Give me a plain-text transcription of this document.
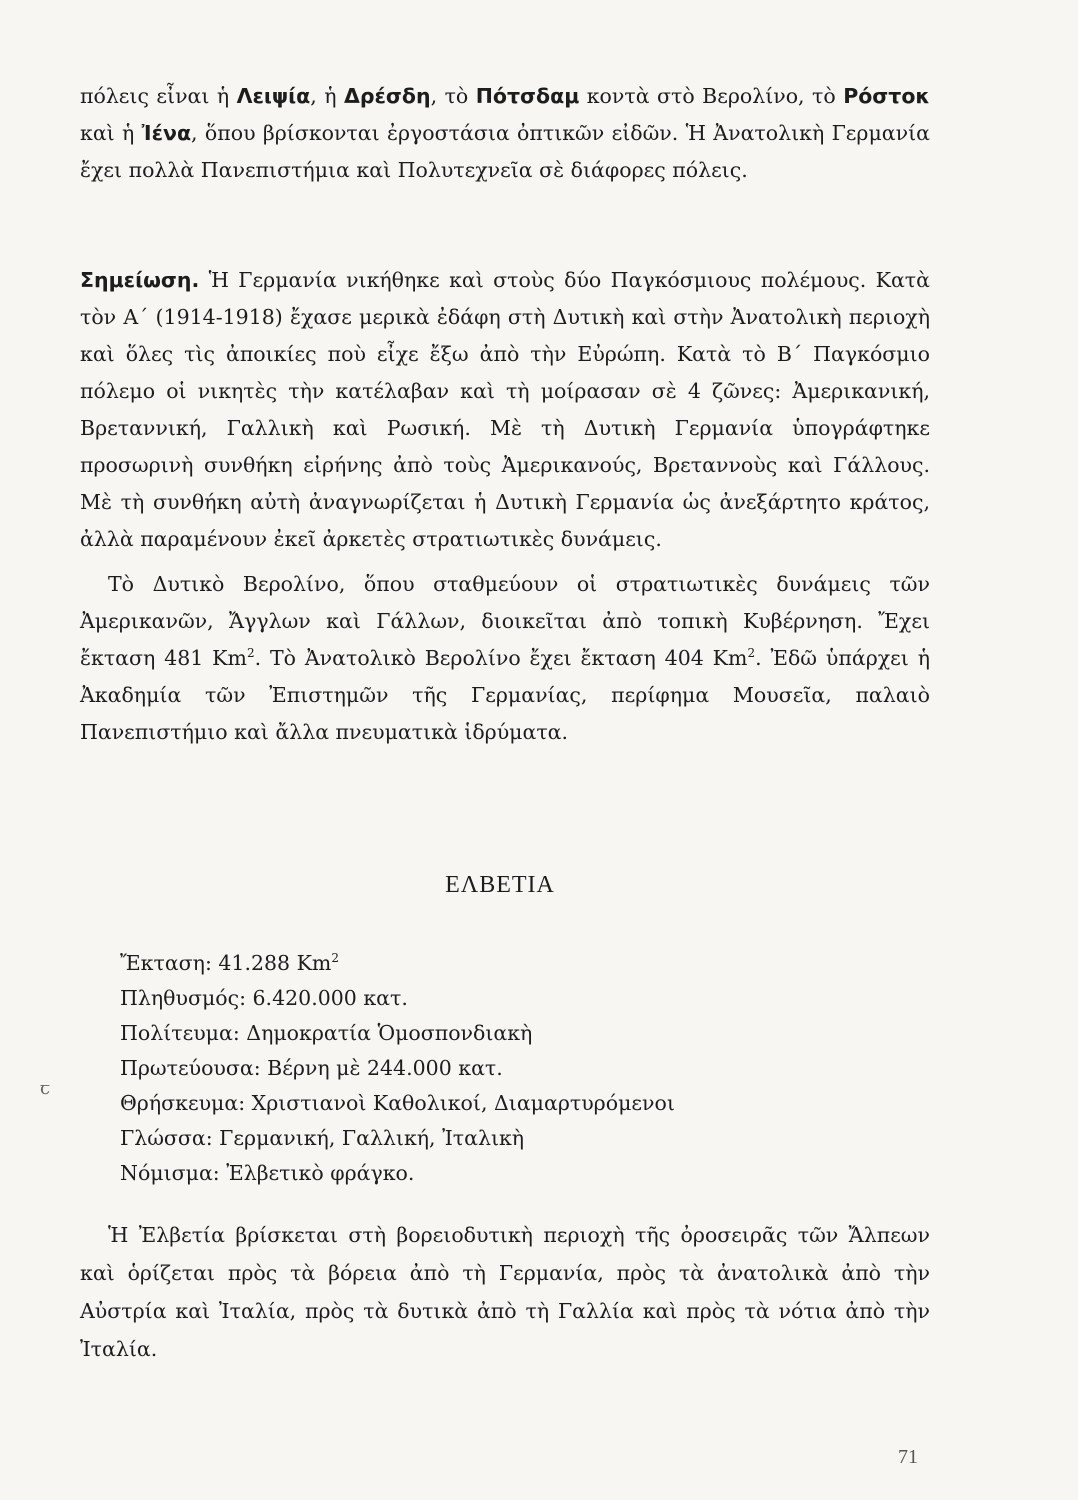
πόλεις εἶναι ἡ Λειψία, ἡ Δρέσδη, τὸ Πότσδαμ κοντὰ στὸ Βερολίνο, τὸ Ρόστοκ καὶ ἡ Ἰένα, ὅπου βρίσκονται ἐργοστάσια ὀπτικῶν εἰδῶν. Ἡ Ἀνατολικὴ Γερμανία ἔχει πολλὰ Πανεπιστήμια καὶ Πολυτεχνεῖα σὲ διάφορες πόλεις.
Σημείωση. Ἡ Γερμανία νικήθηκε καὶ στοὺς δύο Παγκόσμιους πολέμους. Κατὰ τὸν Α΄ (1914-1918) ἔχασε μερικὰ ἐδάφη στὴ Δυτικὴ καὶ στὴν Ἀνατολικὴ περιοχὴ καὶ ὅλες τὶς ἀποικίες ποὺ εἶχε ἔξω ἀπὸ τὴν Εὐρώπη. Κατὰ τὸ Β΄ Παγκόσμιο πόλεμο οἱ νικητὲς τὴν κατέλαβαν καὶ τὴ μοίρασαν σὲ 4 ζῶνες: Ἀμερικανική, Βρεταννική, Γαλλικὴ καὶ Ρωσική. Μὲ τὴ Δυτικὴ Γερμανία ὑπογράφτηκε προσωρινὴ συνθήκη εἰρήνης ἀπὸ τοὺς Ἀμερικανούς, Βρεταννοὺς καὶ Γάλλους. Μὲ τὴ συνθήκη αὐτὴ ἀναγνωρίζεται ἡ Δυτικὴ Γερμανία ὡς ἀνεξάρτητο κράτος, ἀλλὰ παραμένουν ἐκεῖ ἀρκετὲς στρατιωτικὲς δυνάμεις.
Τὸ Δυτικὸ Βερολίνο, ὅπου σταθμεύουν οἱ στρατιωτικὲς δυνάμεις τῶν Ἀμερικανῶν, Ἄγγλων καὶ Γάλλων, διοικεῖται ἀπὸ τοπικὴ Κυβέρνηση. Ἔχει ἔκταση 481 Km$^2$. Τὸ Ἀνατολικὸ Βερολίνο ἔχει ἔκταση 404 Km$^2$. Ἐδῶ ὑπάρχει ἡ Ἀκαδημία τῶν Ἐπιστημῶν τῆς Γερμανίας, περίφημα Μουσεῖα, παλαιὸ Πανεπιστήμιο καὶ ἄλλα πνευματικὰ ἱδρύματα.
ΕΛΒΕΤΙΑ
Ἔκταση: 41.288 Km$^2$
Πληθυσμός: 6.420.000 κατ.
Πολίτευμα: Δημοκρατία Ὁμοσπονδιακὴ
Πρωτεύουσα: Βέρνη μὲ 244.000 κατ.
Θρήσκευμα: Χριστιανοὶ Καθολικοί, Διαμαρτυρόμενοι
Γλώσσα: Γερμανική, Γαλλική, Ἰταλικὴ
Νόμισμα: Ἐλβετικὸ φράγκο.
ꞇ
Ἡ Ἐλβετία βρίσκεται στὴ βορειοδυτικὴ περιοχὴ τῆς ὀροσειρᾶς τῶν Ἄλπεων καὶ ὁρίζεται πρὸς τὰ βόρεια ἀπὸ τὴ Γερμανία, πρὸς τὰ ἀνατολικὰ ἀπὸ τὴν Αὐστρία καὶ Ἰταλία, πρὸς τὰ δυτικὰ ἀπὸ τὴ Γαλλία καὶ πρὸς τὰ νότια ἀπὸ τὴν Ἰταλία.
71
